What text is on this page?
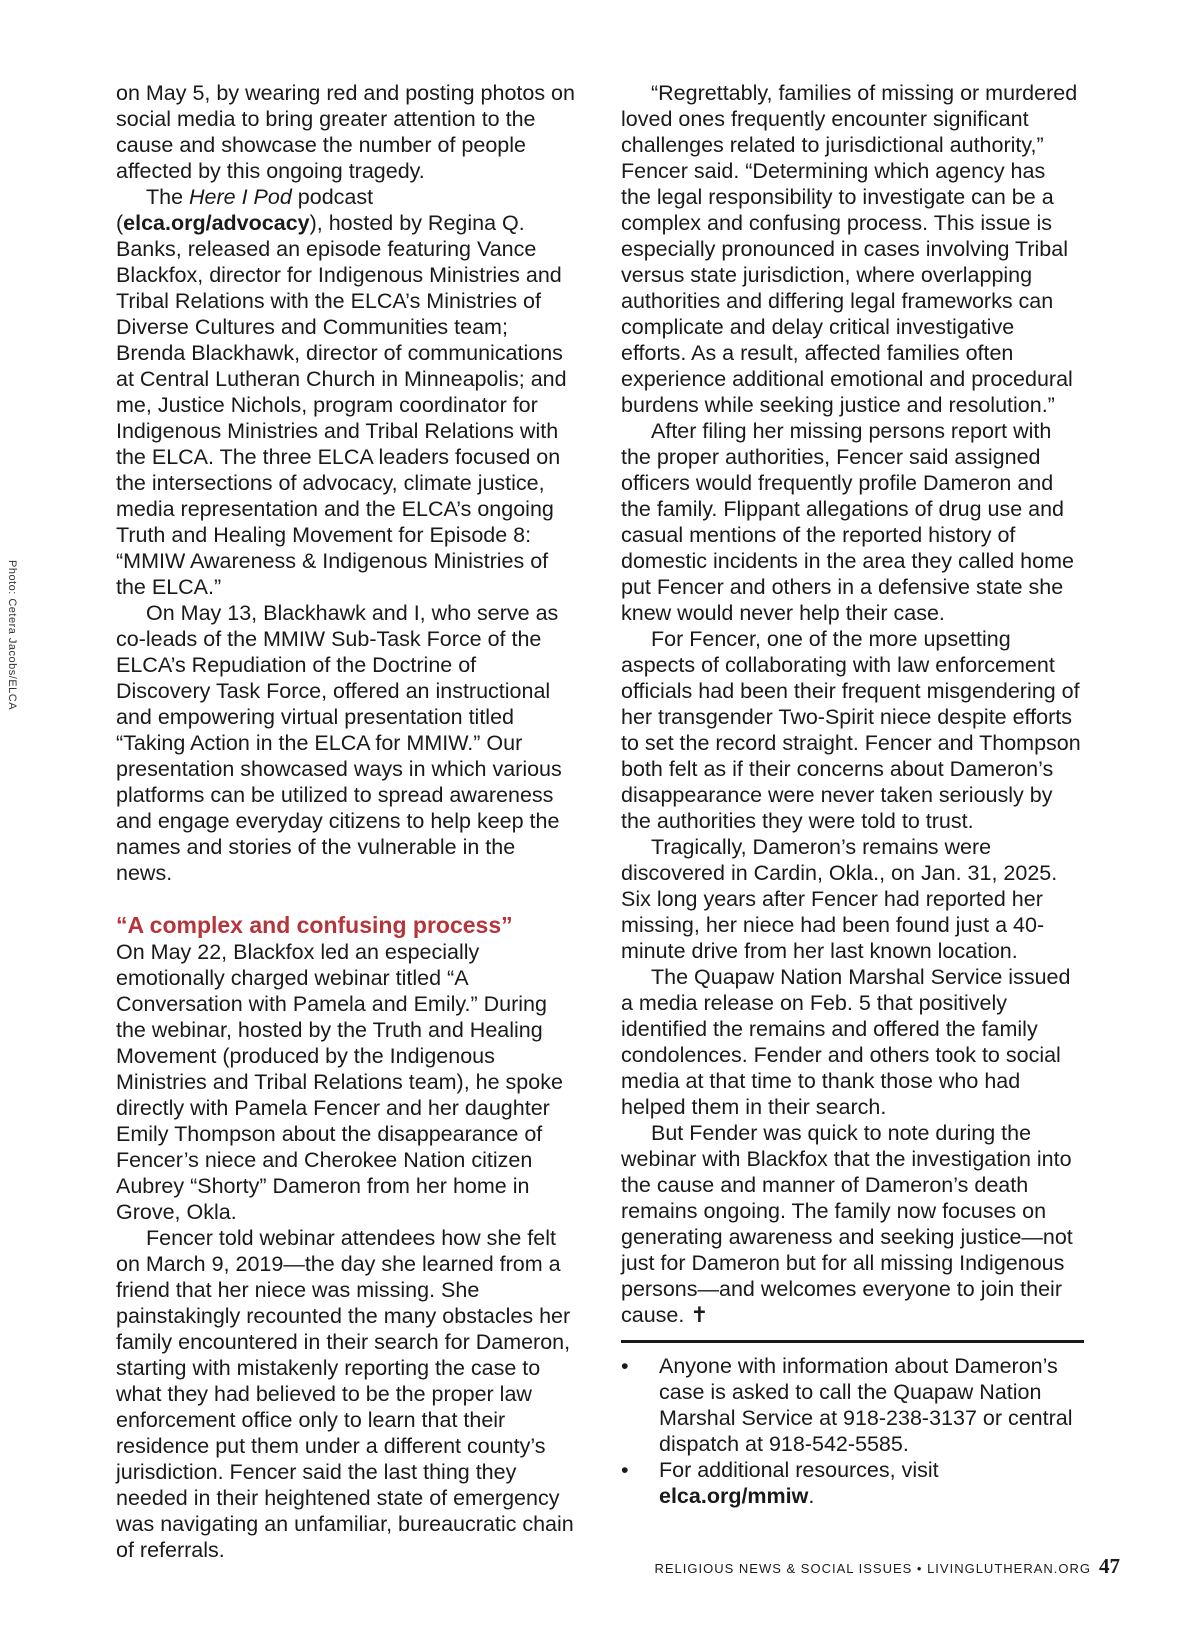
Photo: Cetera Jacobs/ELCA

on May 5, by wearing red and posting photos on social media to bring greater attention to the cause and showcase the number of people affected by this ongoing tragedy.

The Here I Pod podcast (elca.org/advocacy), hosted by Regina Q. Banks, released an episode featuring Vance Blackfox, director for Indigenous Ministries and Tribal Relations with the ELCA’s Ministries of Diverse Cultures and Communities team; Brenda Blackhawk, director of communications at Central Lutheran Church in Minneapolis; and me, Justice Nichols, program coordinator for Indigenous Ministries and Tribal Relations with the ELCA. The three ELCA leaders focused on the intersections of advocacy, climate justice, media representation and the ELCA’s ongoing Truth and Healing Movement for Episode 8: “MMIW Awareness & Indigenous Ministries of the ELCA.”

On May 13, Blackhawk and I, who serve as co-leads of the MMIW Sub-Task Force of the ELCA’s Repudiation of the Doctrine of Discovery Task Force, offered an instructional and empowering virtual presentation titled “Taking Action in the ELCA for MMIW.” Our presentation showcased ways in which various platforms can be utilized to spread awareness and engage everyday citizens to help keep the names and stories of the vulnerable in the news.

“A complex and confusing process”

On May 22, Blackfox led an especially emotionally charged webinar titled “A Conversation with Pamela and Emily.” During the webinar, hosted by the Truth and Healing Movement (produced by the Indigenous Ministries and Tribal Relations team), he spoke directly with Pamela Fencer and her daughter Emily Thompson about the disappearance of Fencer’s niece and Cherokee Nation citizen Aubrey “Shorty” Dameron from her home in Grove, Okla.

Fencer told webinar attendees how she felt on March 9, 2019—the day she learned from a friend that her niece was missing. She painstakingly recounted the many obstacles her family encountered in their search for Dameron, starting with mistakenly reporting the case to what they had believed to be the proper law enforcement office only to learn that their residence put them under a different county’s jurisdiction. Fencer said the last thing they needed in their heightened state of emergency was navigating an unfamiliar, bureaucratic chain of referrals.

“Regrettably, families of missing or murdered loved ones frequently encounter significant challenges related to jurisdictional authority,” Fencer said. “Determining which agency has the legal responsibility to investigate can be a complex and confusing process. This issue is especially pronounced in cases involving Tribal versus state jurisdiction, where overlapping authorities and differing legal frameworks can complicate and delay critical investigative efforts. As a result, affected families often experience additional emotional and procedural burdens while seeking justice and resolution.”

After filing her missing persons report with the proper authorities, Fencer said assigned officers would frequently profile Dameron and the family. Flippant allegations of drug use and casual mentions of the reported history of domestic incidents in the area they called home put Fencer and others in a defensive state she knew would never help their case.

For Fencer, one of the more upsetting aspects of collaborating with law enforcement officials had been their frequent misgendering of her transgender Two-Spirit niece despite efforts to set the record straight. Fencer and Thompson both felt as if their concerns about Dameron’s disappearance were never taken seriously by the authorities they were told to trust.

Tragically, Dameron’s remains were discovered in Cardin, Okla., on Jan. 31, 2025. Six long years after Fencer had reported her missing, her niece had been found just a 40-minute drive from her last known location.

The Quapaw Nation Marshal Service issued a media release on Feb. 5 that positively identified the remains and offered the family condolences. Fender and others took to social media at that time to thank those who had helped them in their search.

But Fender was quick to note during the webinar with Blackfox that the investigation into the cause and manner of Dameron’s death remains ongoing. The family now focuses on generating awareness and seeking justice—not just for Dameron but for all missing Indigenous persons—and welcomes everyone to join their cause. ✝

• Anyone with information about Dameron’s case is asked to call the Quapaw Nation Marshal Service at 918-238-3137 or central dispatch at 918-542-5585.
• For additional resources, visit elca.org/mmiw.
RELIGIOUS NEWS & SOCIAL ISSUES • LIVINGLUTHERAN.ORG 47
